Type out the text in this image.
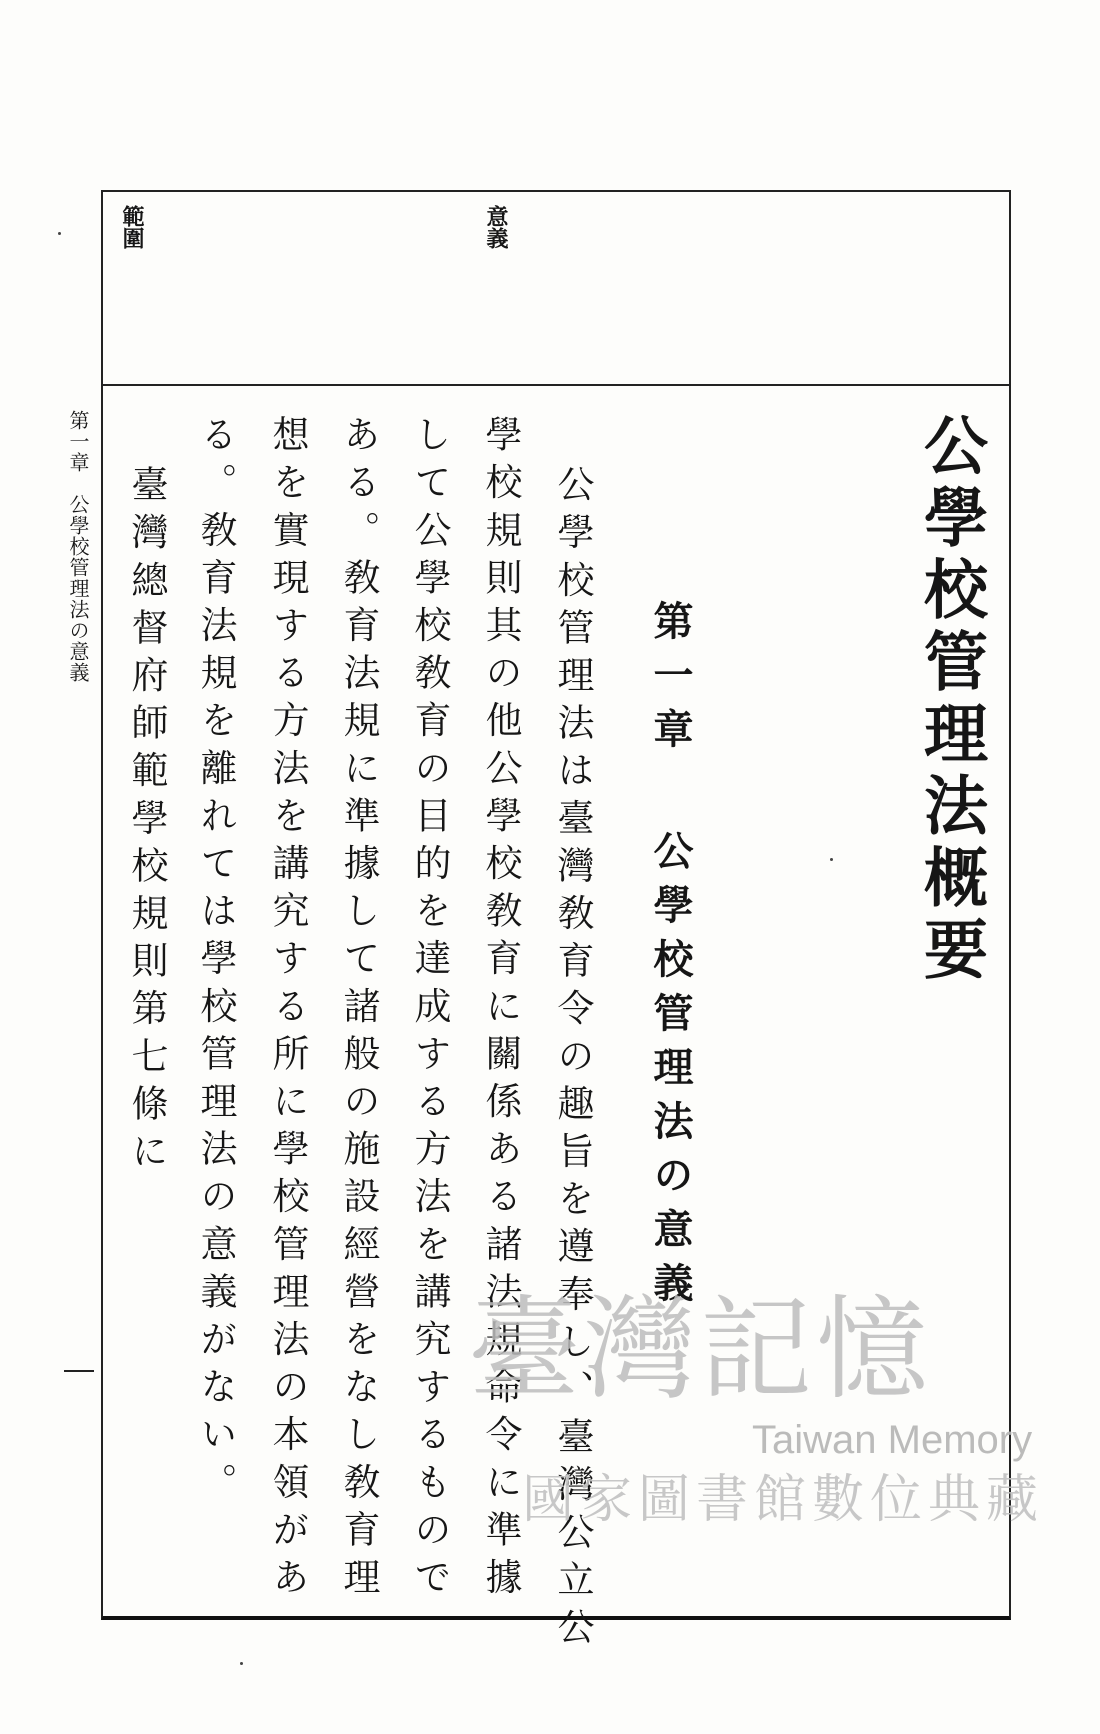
範圍	意義
公學校管理法概要
第一章
公學校管理法の意義
公學校管理法は臺灣敎育令の趣旨を遵奉し、臺灣公立公
學校規則其の他公學校敎育に關係ある諸法規命令に準據
して公學校敎育の目的を達成する方法を講究するもので
ある。敎育法規に準據して諸般の施設經營をなし敎育理
想を實現する方法を講究する所に學校管理法の本領があ
る。敎育法規を離れては學校管理法の意義がない。
臺灣總督府師範學校規則第七條に
第一章　公學校管理法の意義
臺灣記憶
Taiwan Memory
國家圖書館數位典藏
